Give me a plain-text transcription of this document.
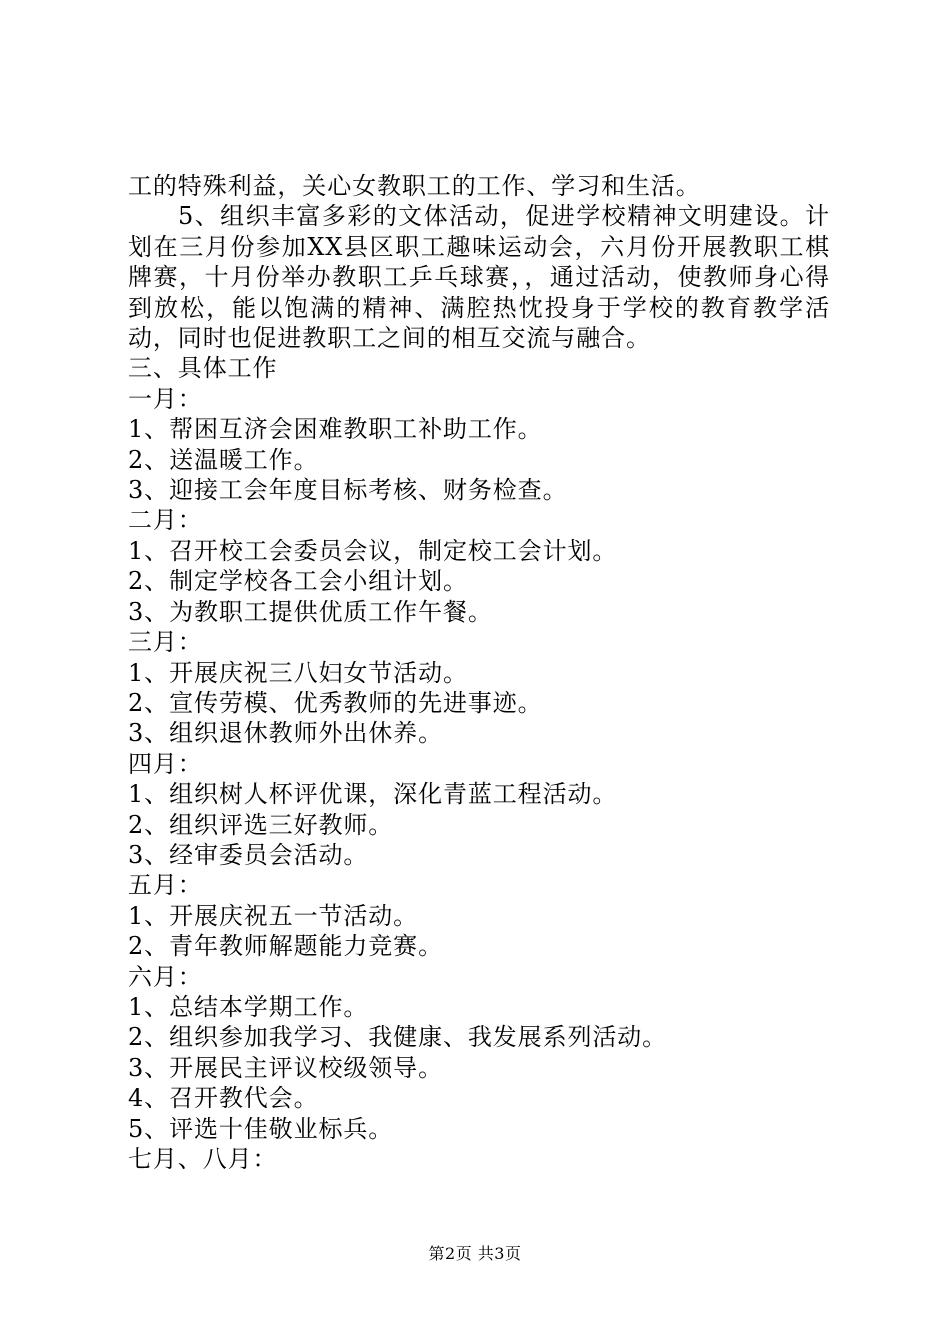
工的特殊利益，关心女教职工的工作、学习和生活。

5、组织丰富多彩的文体活动，促进学校精神文明建设。计划在三月份参加XX县区职工趣味运动会，六月份开展教职工棋牌赛，十月份举办教职工乒乓球赛，，通过活动，使教师身心得到放松，能以饱满的精神、满腔热忱投身于学校的教育教学活动，同时也促进教职工之间的相互交流与融合。

三、具体工作

一月：

1、帮困互济会困难教职工补助工作。

2、送温暖工作。

3、迎接工会年度目标考核、财务检查。

二月：

1、召开校工会委员会议，制定校工会计划。

2、制定学校各工会小组计划。

3、为教职工提供优质工作午餐。

三月：

1、开展庆祝三八妇女节活动。

2、宣传劳模、优秀教师的先进事迹。

3、组织退休教师外出休养。

四月：

1、组织树人杯评优课，深化青蓝工程活动。

2、组织评选三好教师。

3、经审委员会活动。

五月：

1、开展庆祝五一节活动。

2、青年教师解题能力竞赛。

六月：

1、总结本学期工作。

2、组织参加我学习、我健康、我发展系列活动。

3、开展民主评议校级领导。

4、召开教代会。

5、评选十佳敬业标兵。

七月、八月：

第2页 共3页
